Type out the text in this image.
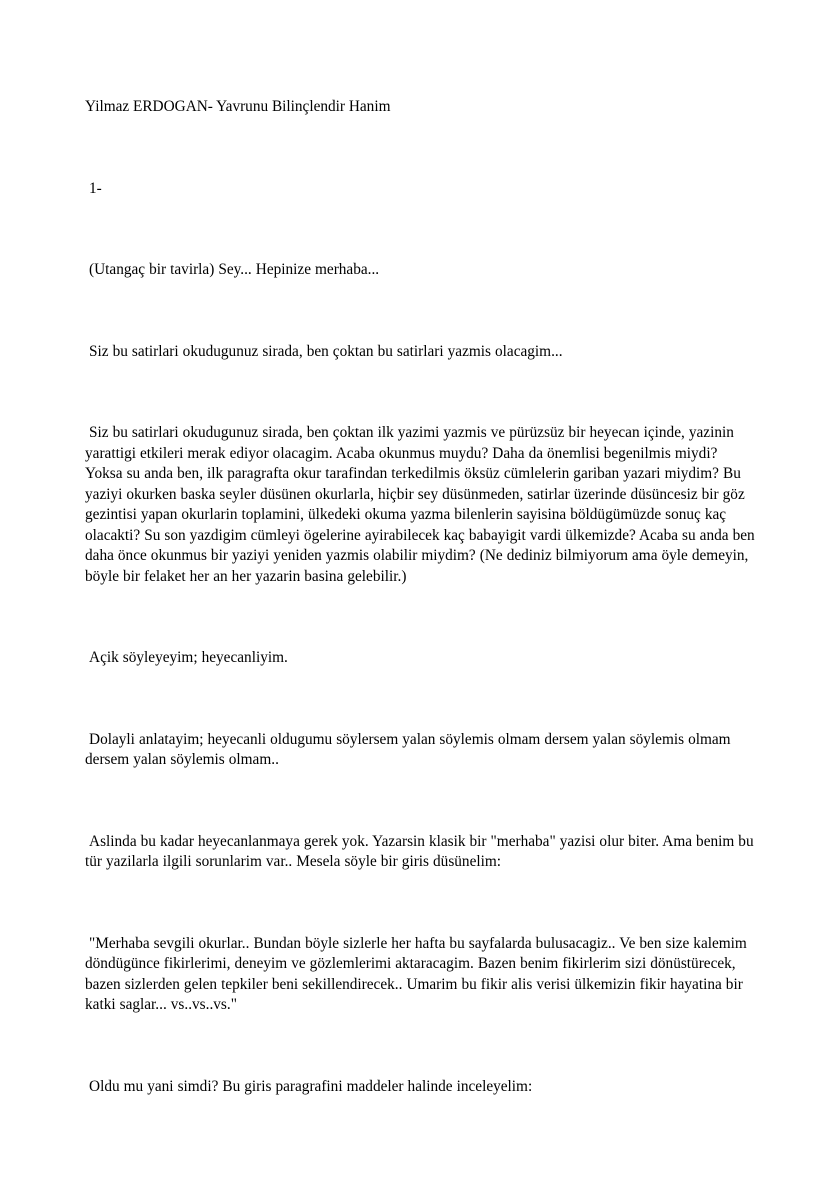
Yilmaz ERDOGAN- Yavrunu Bilinçlendir Hanim

1-

(Utangaç bir tavirla) Sey... Hepinize merhaba...

Siz bu satirlari okudugunuz sirada, ben çoktan bu satirlari yazmis olacagim...

Siz bu satirlari okudugunuz sirada, ben çoktan ilk yazimi yazmis ve pürüzsüz bir heyecan içinde, yazinin yarattigi etkileri merak ediyor olacagim. Acaba okunmus muydu? Daha da önemlisi begenilmis miydi? Yoksa su anda ben, ilk paragrafta okur tarafindan terkedilmis öksüz cümlelerin gariban yazari miydim? Bu yaziyi okurken baska seyler düsünen okurlarla, hiçbir sey düsünmeden, satirlar üzerinde düsüncesiz bir göz gezintisi yapan okurlarin toplamini, ülkedeki okuma yazma bilenlerin sayisina böldügümüzde sonuç kaç olacakti? Su son yazdigim cümleyi ögelerine ayirabilecek kaç babayigit vardi ülkemizde? Acaba su anda ben daha önce okunmus bir yaziyi yeniden yazmis olabilir miydim? (Ne dediniz bilmiyorum ama öyle demeyin, böyle bir felaket her an her yazarin basina gelebilir.)

Açik söyleyeyim; heyecanliyim.

Dolayli anlatayim; heyecanli oldugumu söylersem yalan söylemis olmam dersem yalan söylemis olmam dersem yalan söylemis olmam..

Aslinda bu kadar heyecanlanmaya gerek yok. Yazarsin klasik bir "merhaba" yazisi olur biter. Ama benim bu tür yazilarla ilgili sorunlarim var.. Mesela söyle bir giris düsünelim:

"Merhaba sevgili okurlar.. Bundan böyle sizlerle her hafta bu sayfalarda bulusacagiz.. Ve ben size kalemim döndügünce fikirlerimi, deneyim ve gözlemlerimi aktaracagim. Bazen benim fikirlerim sizi dönüstürecek, bazen sizlerden gelen tepkiler beni sekillendirecek.. Umarim bu fikir alis verisi ülkemizin fikir hayatina bir katki saglar... vs..vs..vs."

Oldu mu yani simdi? Bu giris paragrafini maddeler halinde inceleyelim:
